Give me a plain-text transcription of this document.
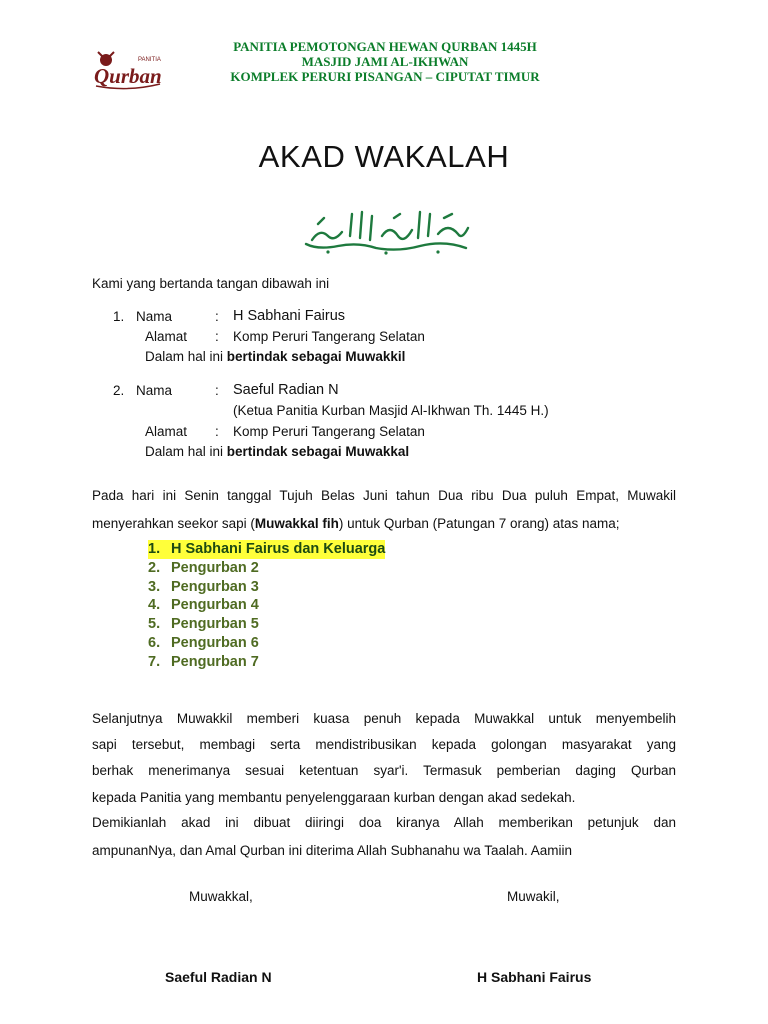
PANITIA
Qurban
PANITIA PEMOTONGAN HEWAN QURBAN 1445H
MASJID JAMI AL-IKHWAN
KOMPLEK PERURI PISANGAN – CIPUTAT TIMUR
AKAD WAKALAH
Kami yang bertanda tangan dibawah ini
1. Nama	: H Sabhani Fairus
Alamat : Komp Peruri Tangerang Selatan
Dalam hal ini bertindak sebagai Muwakkil
2. Nama	: Saeful Radian N
(Ketua Panitia Kurban Masjid Al-Ikhwan Th. 1445 H.)
Alamat : Komp Peruri Tangerang Selatan
Dalam hal ini bertindak sebagai Muwakkal
Pada hari ini Senin tanggal Tujuh Belas Juni tahun Dua ribu Dua puluh Empat, Muwakil
menyerahkan seekor sapi (Muwakkal fih) untuk Qurban (Patungan 7 orang) atas nama;
1. H Sabhani Fairus dan Keluarga
2. Pengurban 2
3. Pengurban 3
4. Pengurban 4
5. Pengurban 5
6. Pengurban 6
7. Pengurban 7
Selanjutnya Muwakkil memberi kuasa penuh kepada Muwakkal untuk menyembelih
sapi tersebut, membagi serta mendistribusikan kepada golongan masyarakat yang
berhak menerimanya sesuai ketentuan syar'i. Termasuk pemberian daging Qurban
kepada Panitia yang membantu penyelenggaraan kurban dengan akad sedekah.
Demikianlah akad ini dibuat diiringi doa kiranya Allah memberikan petunjuk dan
ampunanNya, dan Amal Qurban ini diterima Allah Subhanahu wa Taalah. Aamiin
Muwakkal,	Muwakil,
Saeful Radian N	H Sabhani Fairus
